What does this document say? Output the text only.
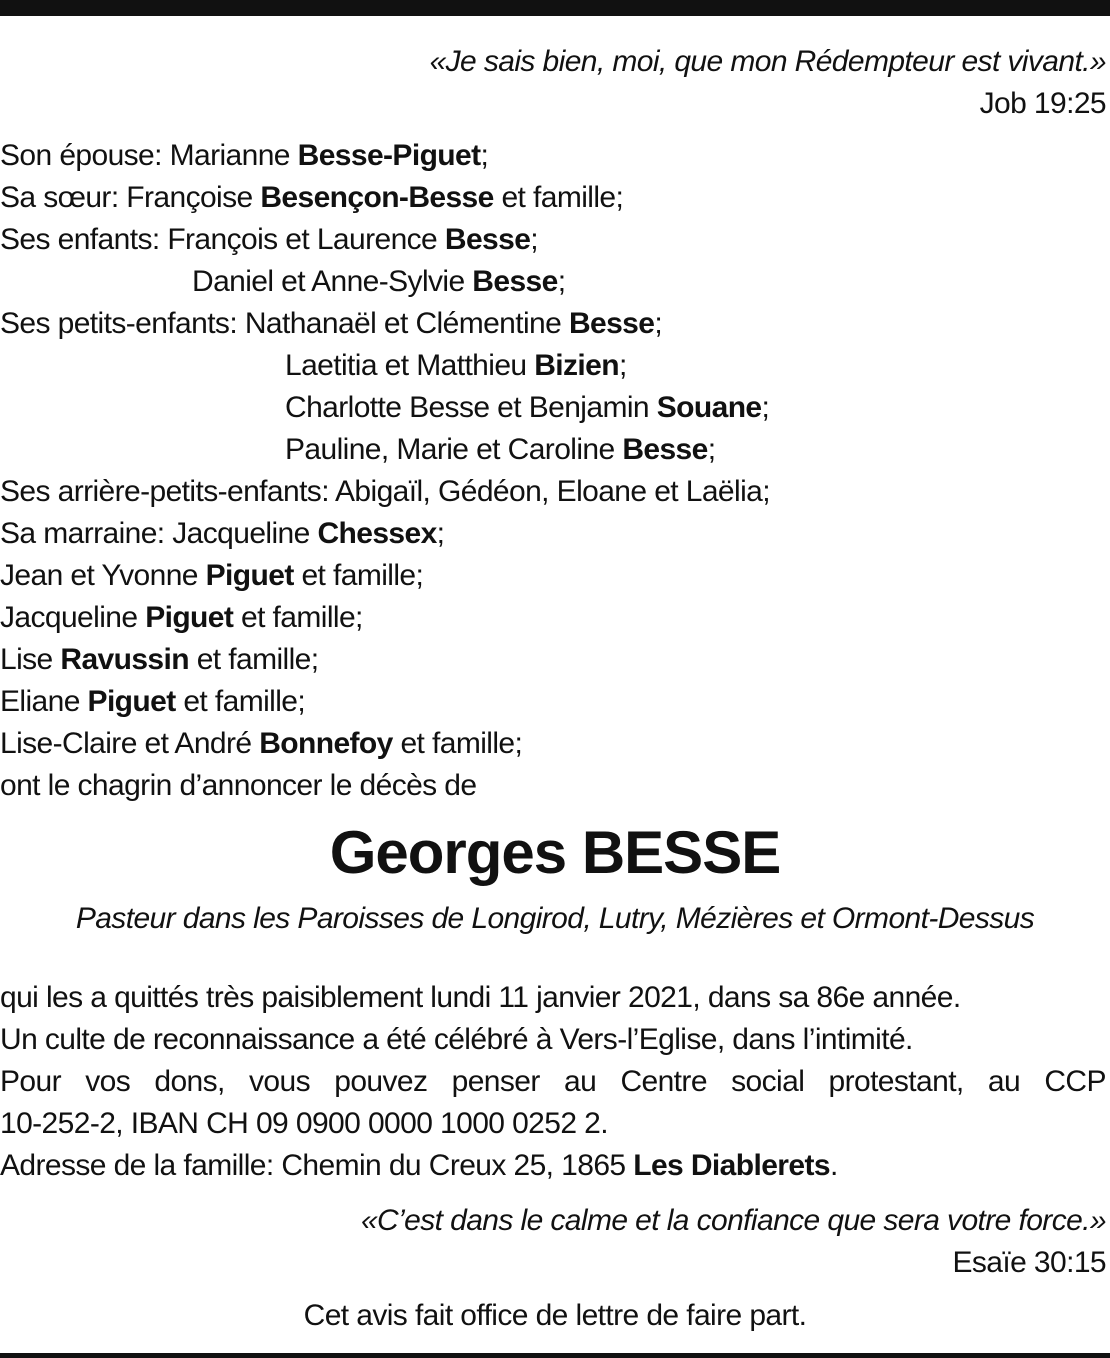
«Je sais bien, moi, que mon Rédempteur est vivant.»
Job 19:25
Son épouse: Marianne Besse-Piguet;
Sa sœur: Françoise Besençon-Besse et famille;
Ses enfants: François et Laurence Besse;
Daniel et Anne-Sylvie Besse;
Ses petits-enfants: Nathanaël et Clémentine Besse;
Laetitia et Matthieu Bizien;
Charlotte Besse et Benjamin Souane;
Pauline, Marie et Caroline Besse;
Ses arrière-petits-enfants: Abigaïl, Gédéon, Eloane et Laëlia;
Sa marraine: Jacqueline Chessex;
Jean et Yvonne Piguet et famille;
Jacqueline Piguet et famille;
Lise Ravussin et famille;
Eliane Piguet et famille;
Lise-Claire et André Bonnefoy et famille;
ont le chagrin d’annoncer le décès de
Georges BESSE
Pasteur dans les Paroisses de Longirod, Lutry, Mézières et Ormont-Dessus
qui les a quittés très paisiblement lundi 11 janvier 2021, dans sa 86e année.
Un culte de reconnaissance a été célébré à Vers-l’Eglise, dans l’intimité.
Pour vos dons, vous pouvez penser au Centre social protestant, au CCP
10-252-2, IBAN CH 09 0900 0000 1000 0252 2.
Adresse de la famille: Chemin du Creux 25, 1865 Les Diablerets.
«C’est dans le calme et la confiance que sera votre force.»
Esaïe 30:15
Cet avis fait office de lettre de faire part.
